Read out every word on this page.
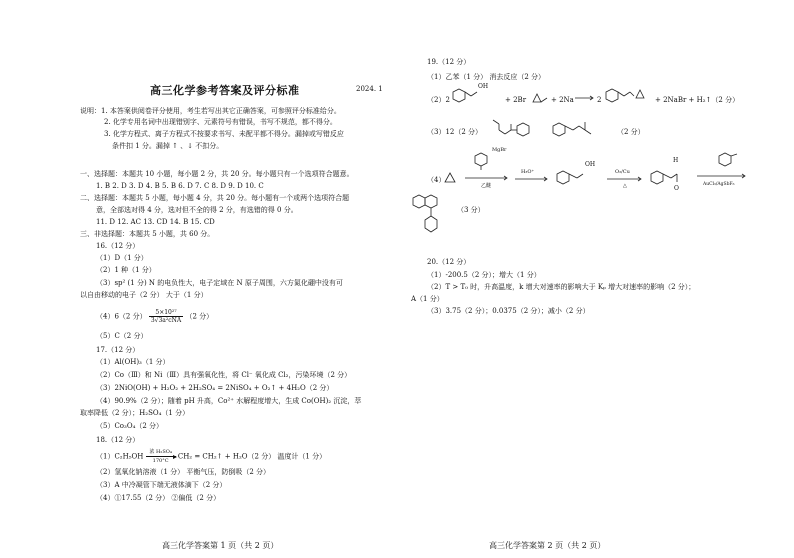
高三化学参考答案及评分标准	2024. 1
说明：1. 本答案供阅卷评分使用，考生若写出其它正确答案，可参照评分标准给分。
2. 化学专用名词中出现错别字、元素符号有错误，书写不规范，都不得分。
3. 化学方程式、离子方程式不按要求书写、未配平都不得分。漏掉或写错反应
条件扣 1 分。漏掉 ↑ 、↓ 不扣分。
一、选择题：本题共 10 小题，每小题 2 分，共 20 分。每小题只有一个选项符合题意。
1. B 2. D 3. D 4. B 5. B 6. D 7. C 8. D 9. D 10. C
二、选择题：本题共 5 小题，每小题 4 分，共 20 分。每小题有一个或两个选项符合题
意，全部选对得 4 分，选对但不全的得 2 分，有选错的得 0 分。
11. D 12. AC 13. CD 14. B 15. CD
三、非选择题：本题共 5 小题，共 60 分。
16.（12 分）
（1）D（1 分）
（2）1 种（1 分）
（3）sp² (1 分) N 的电负性大，电子定域在 N 原子周围，六方氮化硼中没有可
以自由移动的电子（2 分） 大于（1 分）
（4）6（2 分） $\frac{\text{5×10²⁷}}{\text{3√3a²cNA}} (2$ 分）
（5）C（2 分）
17.（12 分）
（1）Al(OH)₃（1 分）
（2）Co（Ⅲ）和 Ni（Ⅲ）具有强氧化性，将 Cl⁻ 氧化成 Cl₂，污染环境（2 分）
（3）2NiO(OH) + H₂O₂ + 2H₂SO₄ = 2NiSO₄ + O₂↑ + 4H₂O（2 分）
（4）90.9%（2 分）；随着 pH 升高，Co²⁺ 水解程度增大，生成 Co(OH)₂ 沉淀，萃
取率降低（2 分）；H₂SO₄（1 分）
（5）Co₃O₄（2 分）
18.（12 分）
（1）C₂H₅OH
浓 H₂SO₄
170°C
CH₂ = CH₂↑ + H₂O（2 分） 温度计（1 分）
（2）氢氧化钠溶液（1 分） 平衡气压，防倒吸（2 分）
（3）A 中冷凝管下端无液体滴下（2 分）
（4）①17.55（2 分） ②偏低（2 分）
高三化学答案第 1 页（共 2 页）
19.（12 分）
（1）乙苯（1 分） 消去反应（2 分）
（2）2
OH
+ 2Br	+ 2Na	2	+ 2NaBr + H₂↑（2 分）
（3）12（2 分）	（2 分）
（4）
MgBr
乙醚
H₃O⁺
OH
O₂/Cu
△
H
O
AuCl₃/AgSbF₆
（3 分）
20.（12 分）
（1）-200.5（2 分）；增大（1 分）
（2）T > T₀ 时，升高温度，k 增大对速率的影响大于 Kₚ 增大对速率的影响（2 分）；
A（1 分）
（3）3.75（2 分）；0.0375（2 分）；减小（2 分）
高三化学答案第 2 页（共 2 页）
